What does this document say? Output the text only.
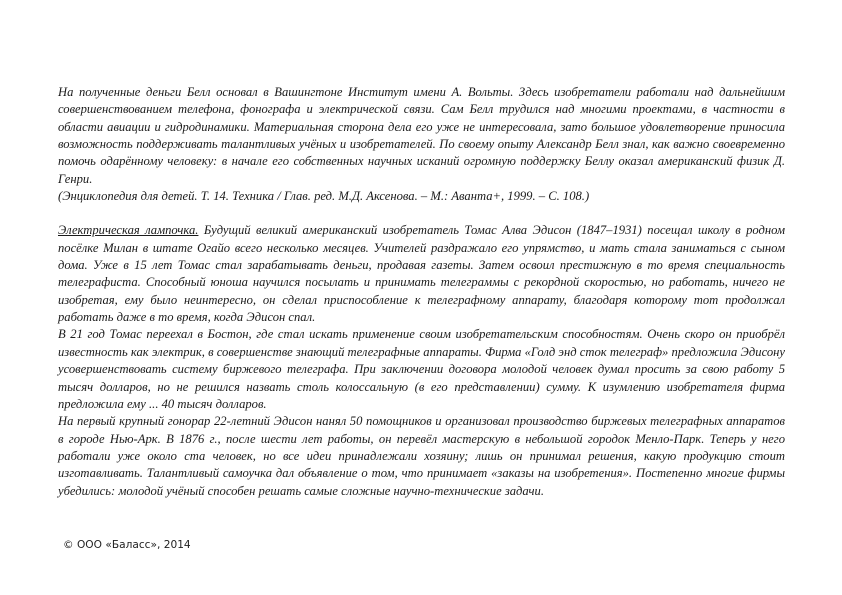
На полученные деньги Белл основал в Вашингтоне Институт имени А. Вольты. Здесь изобретатели работали над дальнейшим совершенствованием телефона, фонографа и электрической связи. Сам Белл трудился над многими проектами, в частности в области авиации и гидродинамики. Материальная сторона дела его уже не интересовала, зато большое удовлетворение приносила возможность поддерживать талантливых учёных и изобретателей. По своему опыту Александр Белл знал, как важно своевременно помочь одарённому человеку: в начале его собственных научных исканий огромную поддержку Беллу оказал американский физик Д. Генри.

(Энциклопедия для детей. Т. 14. Техника / Глав. ред. М.Д. Аксенова. – М.: Аванта+, 1999. – С. 108.)

Электрическая лампочка. Будущий великий американский изобретатель Томас Алва Эдисон (1847–1931) посещал школу в родном посёлке Милан в штате Огайо всего несколько месяцев. Учителей раздражало его упрямство, и мать стала заниматься с сыном дома. Уже в 15 лет Томас стал зарабатывать деньги, продавая газеты. Затем освоил престижную в то время специальность телеграфиста. Способный юноша научился посылать и принимать телеграммы с рекордной скоростью, но работать, ничего не изобретая, ему было неинтересно, он сделал приспособление к телеграфному аппарату, благодаря которому тот продолжал работать даже в то время, когда Эдисон спал.

В 21 год Томас переехал в Бостон, где стал искать применение своим изобретательским способностям. Очень скоро он приобрёл известность как электрик, в совершенстве знающий телеграфные аппараты. Фирма «Голд энд сток телеграф» предложила Эдисону усовершенствовать систему биржевого телеграфа. При заключении договора молодой человек думал просить за свою работу 5 тысяч долларов, но не решился назвать столь колоссальную (в его представлении) сумму. К изумлению изобретателя фирма предложила ему ... 40 тысяч долларов.

На первый крупный гонорар 22-летний Эдисон нанял 50 помощников и организовал производство биржевых телеграфных аппаратов в городе Нью-Арк. В 1876 г., после шести лет работы, он перевёл мастерскую в небольшой городок Менло-Парк. Теперь у него работали уже около ста человек, но все идеи принадлежали хозяину; лишь он принимал решения, какую продукцию стоит изготавливать. Талантливый самоучка дал объявление о том, что принимает «заказы на изобретения». Постепенно многие фирмы убедились: молодой учёный способен решать самые сложные научно-технические задачи.

© ООО «Баласс», 2014
